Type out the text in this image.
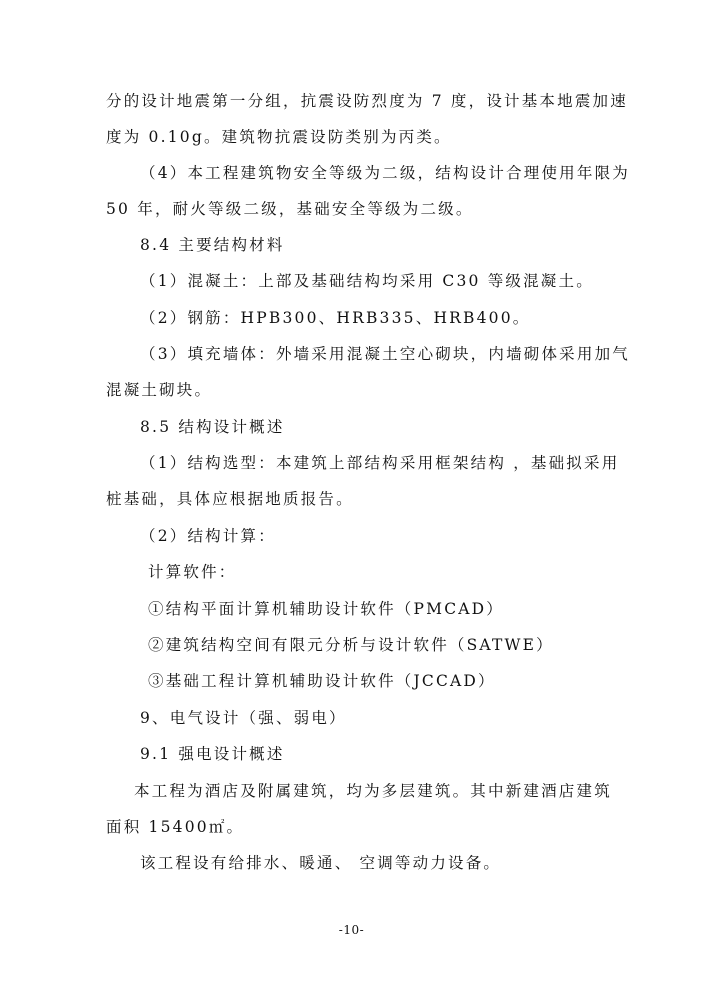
分的设计地震第一分组，抗震设防烈度为 7 度，设计基本地震加速
度为 0.10g。建筑物抗震设防类别为丙类。
（4）本工程建筑物安全等级为二级，结构设计合理使用年限为
50 年，耐火等级二级，基础安全等级为二级。
8.4 主要结构材料
（1）混凝土：上部及基础结构均采用 C30 等级混凝土。
（2）钢筋：HPB300、HRB335、HRB400。
（3）填充墙体：外墙采用混凝土空心砌块，内墙砌体采用加气
混凝土砌块。
8.5 结构设计概述
（1）结构选型：本建筑上部结构采用框架结构 ，基础拟采用
桩基础，具体应根据地质报告。
（2）结构计算：
计算软件：
①结构平面计算机辅助设计软件（PMCAD）
②建筑结构空间有限元分析与设计软件（SATWE）
③基础工程计算机辅助设计软件（JCCAD）
9、电气设计（强、弱电）
9.1 强电设计概述
本工程为酒店及附属建筑，均为多层建筑。其中新建酒店建筑
面积 15400㎡。
该工程设有给排水、暖通、 空调等动力设备。
-10-
